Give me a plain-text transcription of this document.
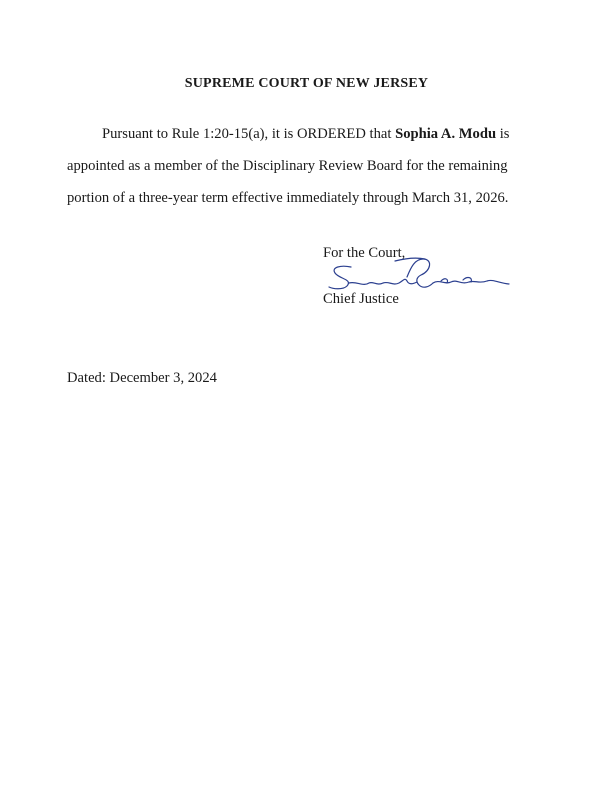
SUPREME COURT OF NEW JERSEY
Pursuant to Rule 1:20-15(a), it is ORDERED that Sophia A. Modu is
appointed as a member of the Disciplinary Review Board for the remaining
portion of a three-year term effective immediately through March 31, 2026.
For the Court,
Chief Justice
Dated: December 3, 2024
